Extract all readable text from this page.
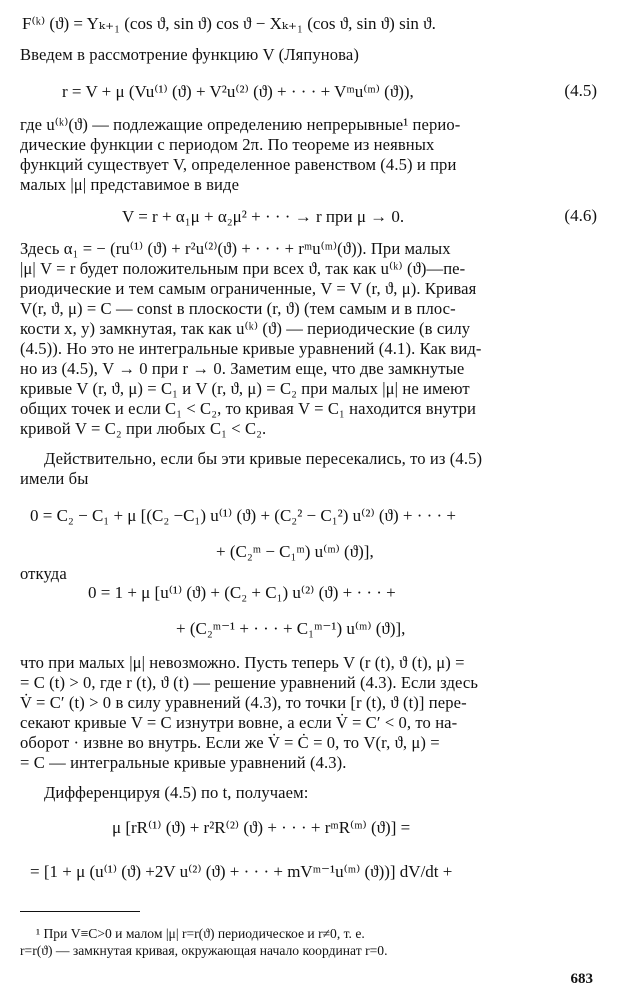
F⁽ᵏ⁾ (ϑ) = Yₖ₊₁ (cos ϑ, sin ϑ) cos ϑ − Xₖ₊₁ (cos ϑ, sin ϑ) sin ϑ.
Введем в рассмотрение функцию V (Ляпунова)
r = V + μ (Vu⁽¹⁾ (ϑ) + V²u⁽²⁾ (ϑ) + · · · + Vᵐu⁽ᵐ⁾ (ϑ)),
где u⁽ᵏ⁾(ϑ) — подлежащие определению непрерывные¹ перио-
дические функции с периодом 2π. По теореме из неявных
функций существует V, определенное равенством (4.5) и при
малых |μ| представимое в виде
V = r + α₁μ + α₂μ² + · · · → r при μ → 0.
Здесь α₁ = − (ru⁽¹⁾ (ϑ) + r²u⁽²⁾(ϑ) + · · · + rᵐu⁽ᵐ⁾(ϑ)). При малых
|μ| V = r будет положительным при всех ϑ, так как u⁽ᵏ⁾ (ϑ)—пе-
риодические и тем самым ограниченные, V = V (r, ϑ, μ). Кривая
V(r, ϑ, μ) = C — const в плоскости (r, ϑ) (тем самым и в плос-
кости x, y) замкнутая, так как u⁽ᵏ⁾ (ϑ) — периодические (в силу
(4.5)). Но это не интегральные кривые уравнений (4.1). Как вид-
но из (4.5), V → 0 при r → 0. Заметим еще, что две замкнутые
кривые V (r, ϑ, μ) = C₁ и V (r, ϑ, μ) = C₂ при малых |μ| не имеют
общих точек и если C₁ < C₂, то кривая V = C₁ находится внутри
кривой V = C₂ при любых C₁ < C₂.
Действительно, если бы эти кривые пересекались, то из (4.5)
имели бы
0 = C₂ − C₁ + μ [(C₂ −C₁) u⁽¹⁾ (ϑ) + (C₂² − C₁²) u⁽²⁾ (ϑ) + · · · +
+ (C₂ᵐ − C₁ᵐ) u⁽ᵐ⁾ (ϑ)],
откуда
0 = 1 + μ [u⁽¹⁾ (ϑ) + (C₂ + C₁) u⁽²⁾ (ϑ) + · · · +
+ (C₂ᵐ⁻¹ + · · · + C₁ᵐ⁻¹) u⁽ᵐ⁾ (ϑ)],
что при малых |μ| невозможно. Пусть теперь V (r (t), ϑ (t), μ) =
= C (t) > 0, где r (t), ϑ (t) — решение уравнений (4.3). Если здесь
V̇ = C′ (t) > 0 в силу уравнений (4.3), то точки [r (t), ϑ (t)] пере-
секают кривые V = C изнутри вовне, а если V̇ = C′ < 0, то на-
оборот · извне во внутрь. Если же V̇ = Ċ = 0, то V(r, ϑ, μ) =
= C — интегральные кривые уравнений (4.3).
Дифференцируя (4.5) по t, получаем:
μ [rR⁽¹⁾ (ϑ) + r²R⁽²⁾ (ϑ) + · · · + rᵐR⁽ᵐ⁾ (ϑ)] =
= [1 + μ (u⁽¹⁾ (ϑ) +2V u⁽²⁾ (ϑ) + · · · + mVᵐ⁻¹u⁽ᵐ⁾ (ϑ))] dV/dt +
(4.5)
(4.6)
¹ При V≡C>0 и малом |μ| r=r(ϑ) периодическое и r≠0, т. е.
r=r(ϑ) — замкнутая кривая, окружающая начало координат r=0.
683
